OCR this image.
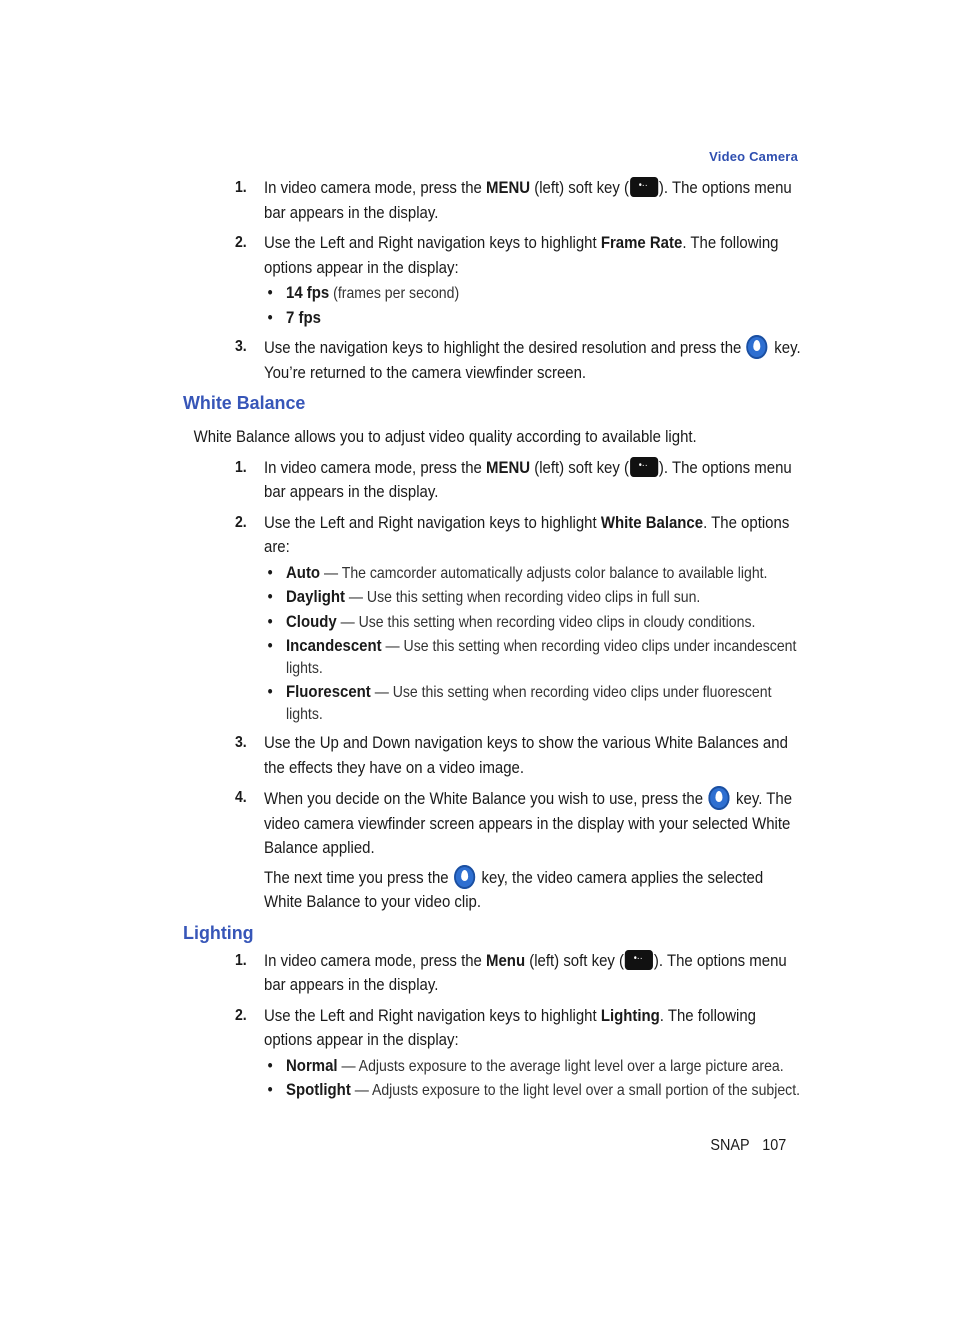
Video Camera
1. In video camera mode, press the MENU (left) soft key ( •·· ). The options menu bar appears in the display.
2. Use the Left and Right navigation keys to highlight Frame Rate. The following options appear in the display:
• 14 fps (frames per second)
• 7 fps
3. Use the navigation keys to highlight the desired resolution and press the  key. You’re returned to the camera viewfinder screen.
White Balance
White Balance allows you to adjust video quality according to available light.
1. In video camera mode, press the MENU (left) soft key ( •·· ). The options menu bar appears in the display.
2. Use the Left and Right navigation keys to highlight White Balance. The options are:
• Auto — The camcorder automatically adjusts color balance to available light.
• Daylight — Use this setting when recording video clips in full sun.
• Cloudy — Use this setting when recording video clips in cloudy conditions.
• Incandescent — Use this setting when recording video clips under incandescent lights.
• Fluorescent — Use this setting when recording video clips under fluorescent lights.
3. Use the Up and Down navigation keys to show the various White Balances and the effects they have on a video image.
4. When you decide on the White Balance you wish to use, press the  key. The video camera viewfinder screen appears in the display with your selected White Balance applied.
The next time you press the  key, the video camera applies the selected White Balance to your video clip.
Lighting
1. In video camera mode, press the Menu (left) soft key ( •·· ). The options menu bar appears in the display.
2. Use the Left and Right navigation keys to highlight Lighting. The following options appear in the display:
• Normal — Adjusts exposure to the average light level over a large picture area.
• Spotlight — Adjusts exposure to the light level over a small portion of the subject.
SNAP 107
